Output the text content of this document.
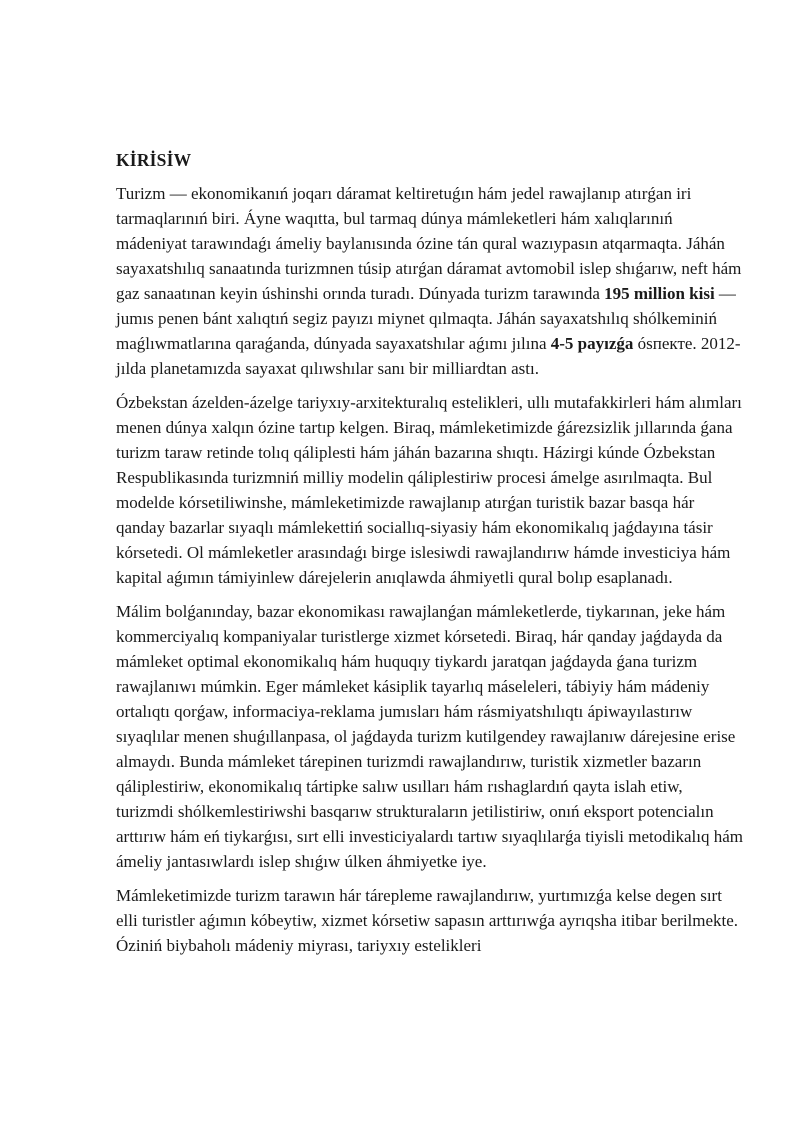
KİRİSİW

Turizm — ekonomikanıń joqarı dáramat keltiretuǵın hám jedel rawajlanıp atırǵan iri tarmaqlarınıń biri. Áyne waqıtta, bul tarmaq dúnya mámleketleri hám xalıqlarınıń mádeniyat tarawındaǵı ámeliy baylanısında ózine tán qural wazıypasın atqarmaqta. Jáhán sayaxatshılıq sanaatında turizmnen túsip atırǵan dáramat avtomobil islep shıǵarıw, neft hám gaz sanaatınan keyin úshinshi orında turadı. Dúnyada turizm tarawında 195 million kisi — jumıs penen bánt xalıqtıń segiz payızı miynet qılmaqta. Jáhán sayaxatshılıq shólkeminiń maǵlıwmatlarına qaraǵanda, dúnyada sayaxatshılar aǵımı jılına 4-5 payızǵa ósпекте. 2012-jılda planetamızda sayaxat qılıwshılar sanı bir milliardtan astı.

Ózbekstan ázelden-ázelge tariyxıy-arxitekturalıq estelikleri, ullı mutafakkirleri hám alımları menen dúnya xalqın ózine tartıp kelgen. Biraq, mámleketimizde ǵárezsizlik jıllarında ǵana turizm taraw retinde tolıq qáliplesti hám jáhán bazarına shıqtı. Házirgi kúnde Ózbekstan Respublikasında turizmniń milliy modelin qáliplestiriw procesi ámelge asırılmaqta. Bul modelde kórsetiliwinshe, mámleketimizde rawajlanıp atırǵan turistik bazar basqa hár qanday bazarlar sıyaqlı mámlekettiń sociallıq-siyasiy hám ekonomikalıq jaǵdayına tásir kórsetedi. Ol mámleketler arasındaǵı birge islesiwdi rawajlandırıw hámde investiciya hám kapital aǵımın támiyinlew dárejelerin anıqlawda áhmiyetli qural bolıp esaplanadı.

Málim bolǵanınday, bazar ekonomikası rawajlanǵan mámleketlerde, tiykarınan, jeke hám kommerciyalıq kompaniyalar turistlerge xizmet kórsetedi. Biraq, hár qanday jaǵdayda da mámleket optimal ekonomikalıq hám huquqıy tiykardı jaratqan jaǵdayda ǵana turizm rawajlanıwı múmkin. Eger mámleket kásiplik tayarlıq máseleleri, tábiyiy hám mádeniy ortalıqtı qorǵaw, informaciya-reklama jumısları hám rásmiyatshılıqtı ápiwayılastırıw sıyaqlılar menen shuǵıllanpasa, ol jaǵdayda turizm kutilgendey rawajlanıw dárejesine erise almaydı. Bunda mámleket tárepinen turizmdi rawajlandırıw, turistik xizmetler bazarın qáliplestiriw, ekonomikalıq tártipke salıw usılları hám rıshaglardıń qayta islah etiw, turizmdi shólkemlestiriwshi basqarıw strukturaların jetilistiriw, onıń eksport potencialın arttırıw hám eń tiykarǵısı, sırt elli investiciyalardı tartıw sıyaqlılarǵa tiyisli metodikalıq hám ámeliy jantasıwlardı islep shıǵıw úlken áhmiyetke iye.

Mámleketimizde turizm tarawın hár tárepleme rawajlandırıw, yurtımızǵa kelse degen sırt elli turistler aǵımın kóbeytiw, xizmet kórsetiw sapasın arttırıwǵa ayrıqsha itibar berilmekte. Óziniń biybaholı mádeniy miyrası, tariyxıy estelikleri
